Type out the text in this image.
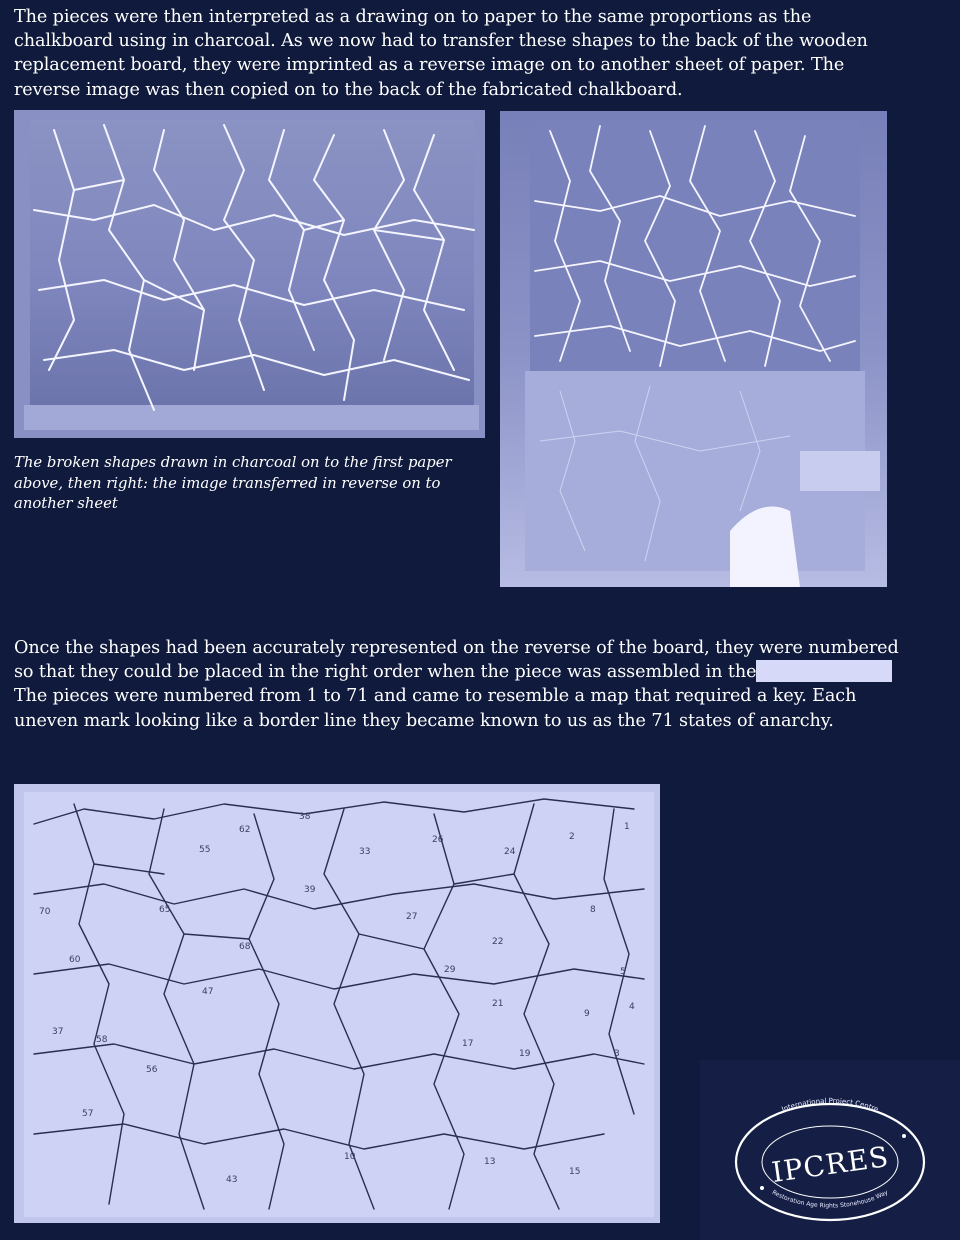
The pieces were then interpreted as a drawing on to paper to the same proportions as the chalkboard using in charcoal. As we now had to transfer these shapes to the back of the wooden replacement board, they were imprinted as a reverse image on to another sheet of paper. The reverse image was then copied on to the back of the fabricated chalkboard.

The broken shapes drawn in charcoal on to the first paper above, then right: the image transferred in reverse on to another sheet

Once the shapes had been accurately represented on the reverse of the board, they were numbered so that they could be placed in the right order when the piece was assembled in theThe pieces were numbered from 1 to 71 and came to resemble a map that required a key. Each uneven mark looking like a border line they became known to us as the 71 states of anarchy.

1
2
24
26
33
38
39
55
62
65
68
70
60
47
37
58
56
57
22
21
19
17
29
9
5
3
4
8
10	13
15
27
43
International Project Centre
Restoration Age Rights Stonehouse Way
IPCRES
